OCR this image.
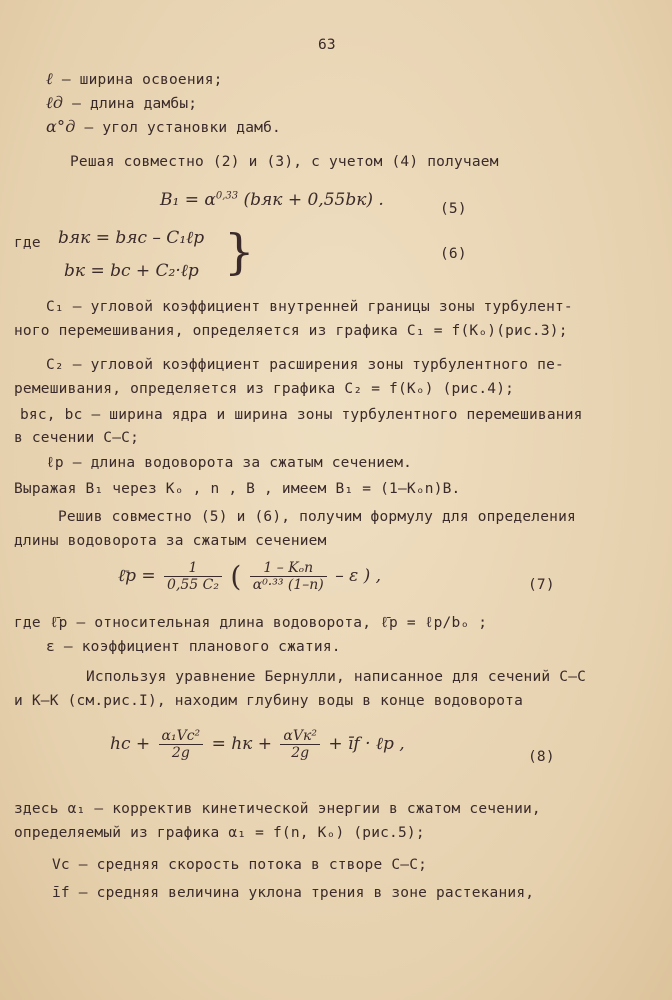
63
ℓ – ширина освоения;
ℓд – длина дамбы;
α°д – угол установки дамб.
Решая совместно (2) и (3), с учетом (4) получаем
$B_1 = \alpha^{0,33}$ (bяк + 0,55bк) .	(5)
где bяк = bяс – C₁ℓр
bк = bс + C₂·ℓр }	(6)
C₁ – угловой коэффициент внутренней границы зоны турбулент-
ного перемешивания, определяется из графика C₁ = f(Kₒ)(рис.3);
C₂ – угловой коэффициент расширения зоны турбулентного пе-
ремешивания, определяется из графика C₂ = f(Kₒ) (рис.4);
bяс, bс – ширина ядра и ширина зоны турбулентного перемешивания
в сечении С–С;
ℓр – длина водоворота за сжатым сечением.
Выражая B₁ через Kₒ , n , B , имеем B₁ = (1–Kₒn)B.
Решив совместно (5) и (6), получим формулу для определения
длины водоворота за сжатым сечением
ℓ̄р = $\frac{1}{\text{0,55 C₂}}$ ( $\frac{\text{1 – Kₒn}}{\text{α⁰·³³ (1–n)}}$ – ε ) ,	(7)
где ℓ̄р – относительная длина водоворота, ℓ̄р = ℓр/bₒ ;
ε – коэффициент планового сжатия.
Используя уравнение Бернулли, написанное для сечений С–С
и К–К (см.рис.I), находим глубину воды в конце водоворота
hc + $\frac{\text{α₁Vc²}}{2g}$ = hк + $\frac{\text{αVк²}}{2g}$ + īf · ℓр ,
(8)
здесь α₁ – корректив кинетической энергии в сжатом сечении,
определяемый из графика α₁ = f(n, Kₒ) (рис.5);
Vc – средняя скорость потока в створе С–С;
īf – средняя величина уклона трения в зоне растекания,
